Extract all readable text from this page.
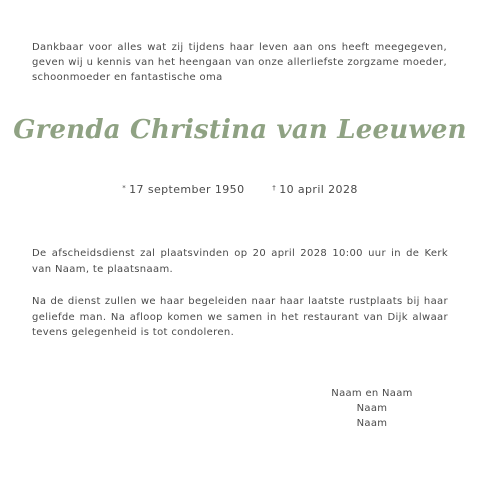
Dankbaar voor alles wat zij tijdens haar leven aan ons heeft meegegeven, geven wij u kennis van het heengaan van onze allerliefste zorgzame moeder, schoonmoeder en fantastische oma

Grenda Christina van Leeuwen
* 17 september 1950	† 10 april 2028

De afscheidsdienst zal plaatsvinden op 20 april 2028 10:00 uur in de Kerk van Naam, te plaatsnaam.

Na de dienst zullen we haar begeleiden naar haar laatste rustplaats bij haar geliefde man. Na afloop komen we samen in het restaurant van Dijk alwaar tevens gelegenheid is tot condoleren.

Naam en Naam
Naam
Naam
